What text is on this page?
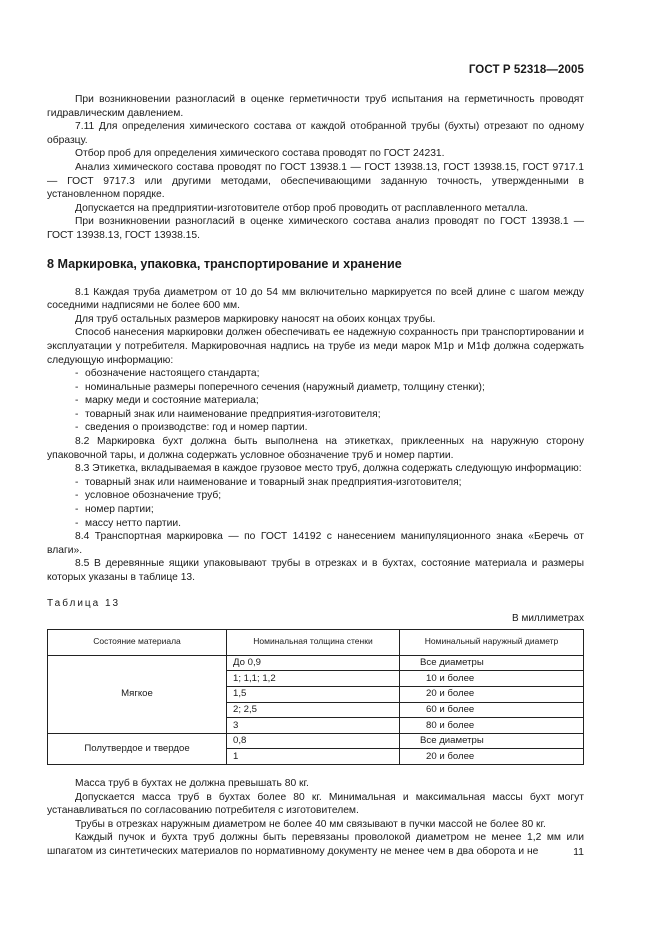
ГОСТ Р 52318—2005

При возникновении разногласий в оценке герметичности труб испытания на герметичность проводят гидравлическим давлением.

7.11 Для определения химического состава от каждой отобранной трубы (бухты) отрезают по одному образцу.

Отбор проб для определения химического состава проводят по ГОСТ 24231.

Анализ химического состава проводят по ГОСТ 13938.1 — ГОСТ 13938.13, ГОСТ 13938.15, ГОСТ 9717.1 — ГОСТ 9717.3 или другими методами, обеспечивающими заданную точность, утвержденными в установленном порядке.

Допускается на предприятии-изготовителе отбор проб проводить от расплавленного металла.

При возникновении разногласий в оценке химического состава анализ проводят по ГОСТ 13938.1 — ГОСТ 13938.13, ГОСТ 13938.15.

8 Маркировка, упаковка, транспортирование и хранение

8.1 Каждая труба диаметром от 10 до 54 мм включительно маркируется по всей длине с шагом между соседними надписями не более 600 мм.

Для труб остальных размеров маркировку наносят на обоих концах трубы.

Способ нанесения маркировки должен обеспечивать ее надежную сохранность при транспортировании и эксплуатации у потребителя. Маркировочная надпись на трубе из меди марок М1р и М1ф должна содержать следующую информацию:

- обозначение настоящего стандарта;
- номинальные размеры поперечного сечения (наружный диаметр, толщину стенки);
- марку меди и состояние материала;
- товарный знак или наименование предприятия-изготовителя;
- сведения о производстве: год и номер партии.

8.2 Маркировка бухт должна быть выполнена на этикетках, приклеенных на наружную сторону упаковочной тары, и должна содержать условное обозначение труб и номер партии.

8.3 Этикетка, вкладываемая в каждое грузовое место труб, должна содержать следующую информацию:

- товарный знак или наименование и товарный знак предприятия-изготовителя;
- условное обозначение труб;
- номер партии;
- массу нетто партии.

8.4 Транспортная маркировка — по ГОСТ 14192 с нанесением манипуляционного знака «Беречь от влаги».

8.5 В деревянные ящики упаковывают трубы в отрезках и в бухтах, состояние материала и размеры которых указаны в таблице 13.

Таблица 13
В миллиметрах
Состояние материала	Номинальная толщина стенки	Номинальный наружный диаметр
Мягкое	До 0,9	Все диаметры
	1; 1,1; 1,2	10 и более
	1,5	20 и более
	2; 2,5	60 и более
	3	80 и более
Полутвердое и твердое	0,8	Все диаметры
	1	20 и более

Масса труб в бухтах не должна превышать 80 кг.

Допускается масса труб в бухтах более 80 кг. Минимальная и максимальная массы бухт могут устанавливаться по согласованию потребителя с изготовителем.

Трубы в отрезках наружным диаметром не более 40 мм связывают в пучки массой не более 80 кг.

Каждый пучок и бухта труб должны быть перевязаны проволокой диаметром не менее 1,2 мм или шпагатом из синтетических материалов по нормативному документу не менее чем в два оборота и не	11
